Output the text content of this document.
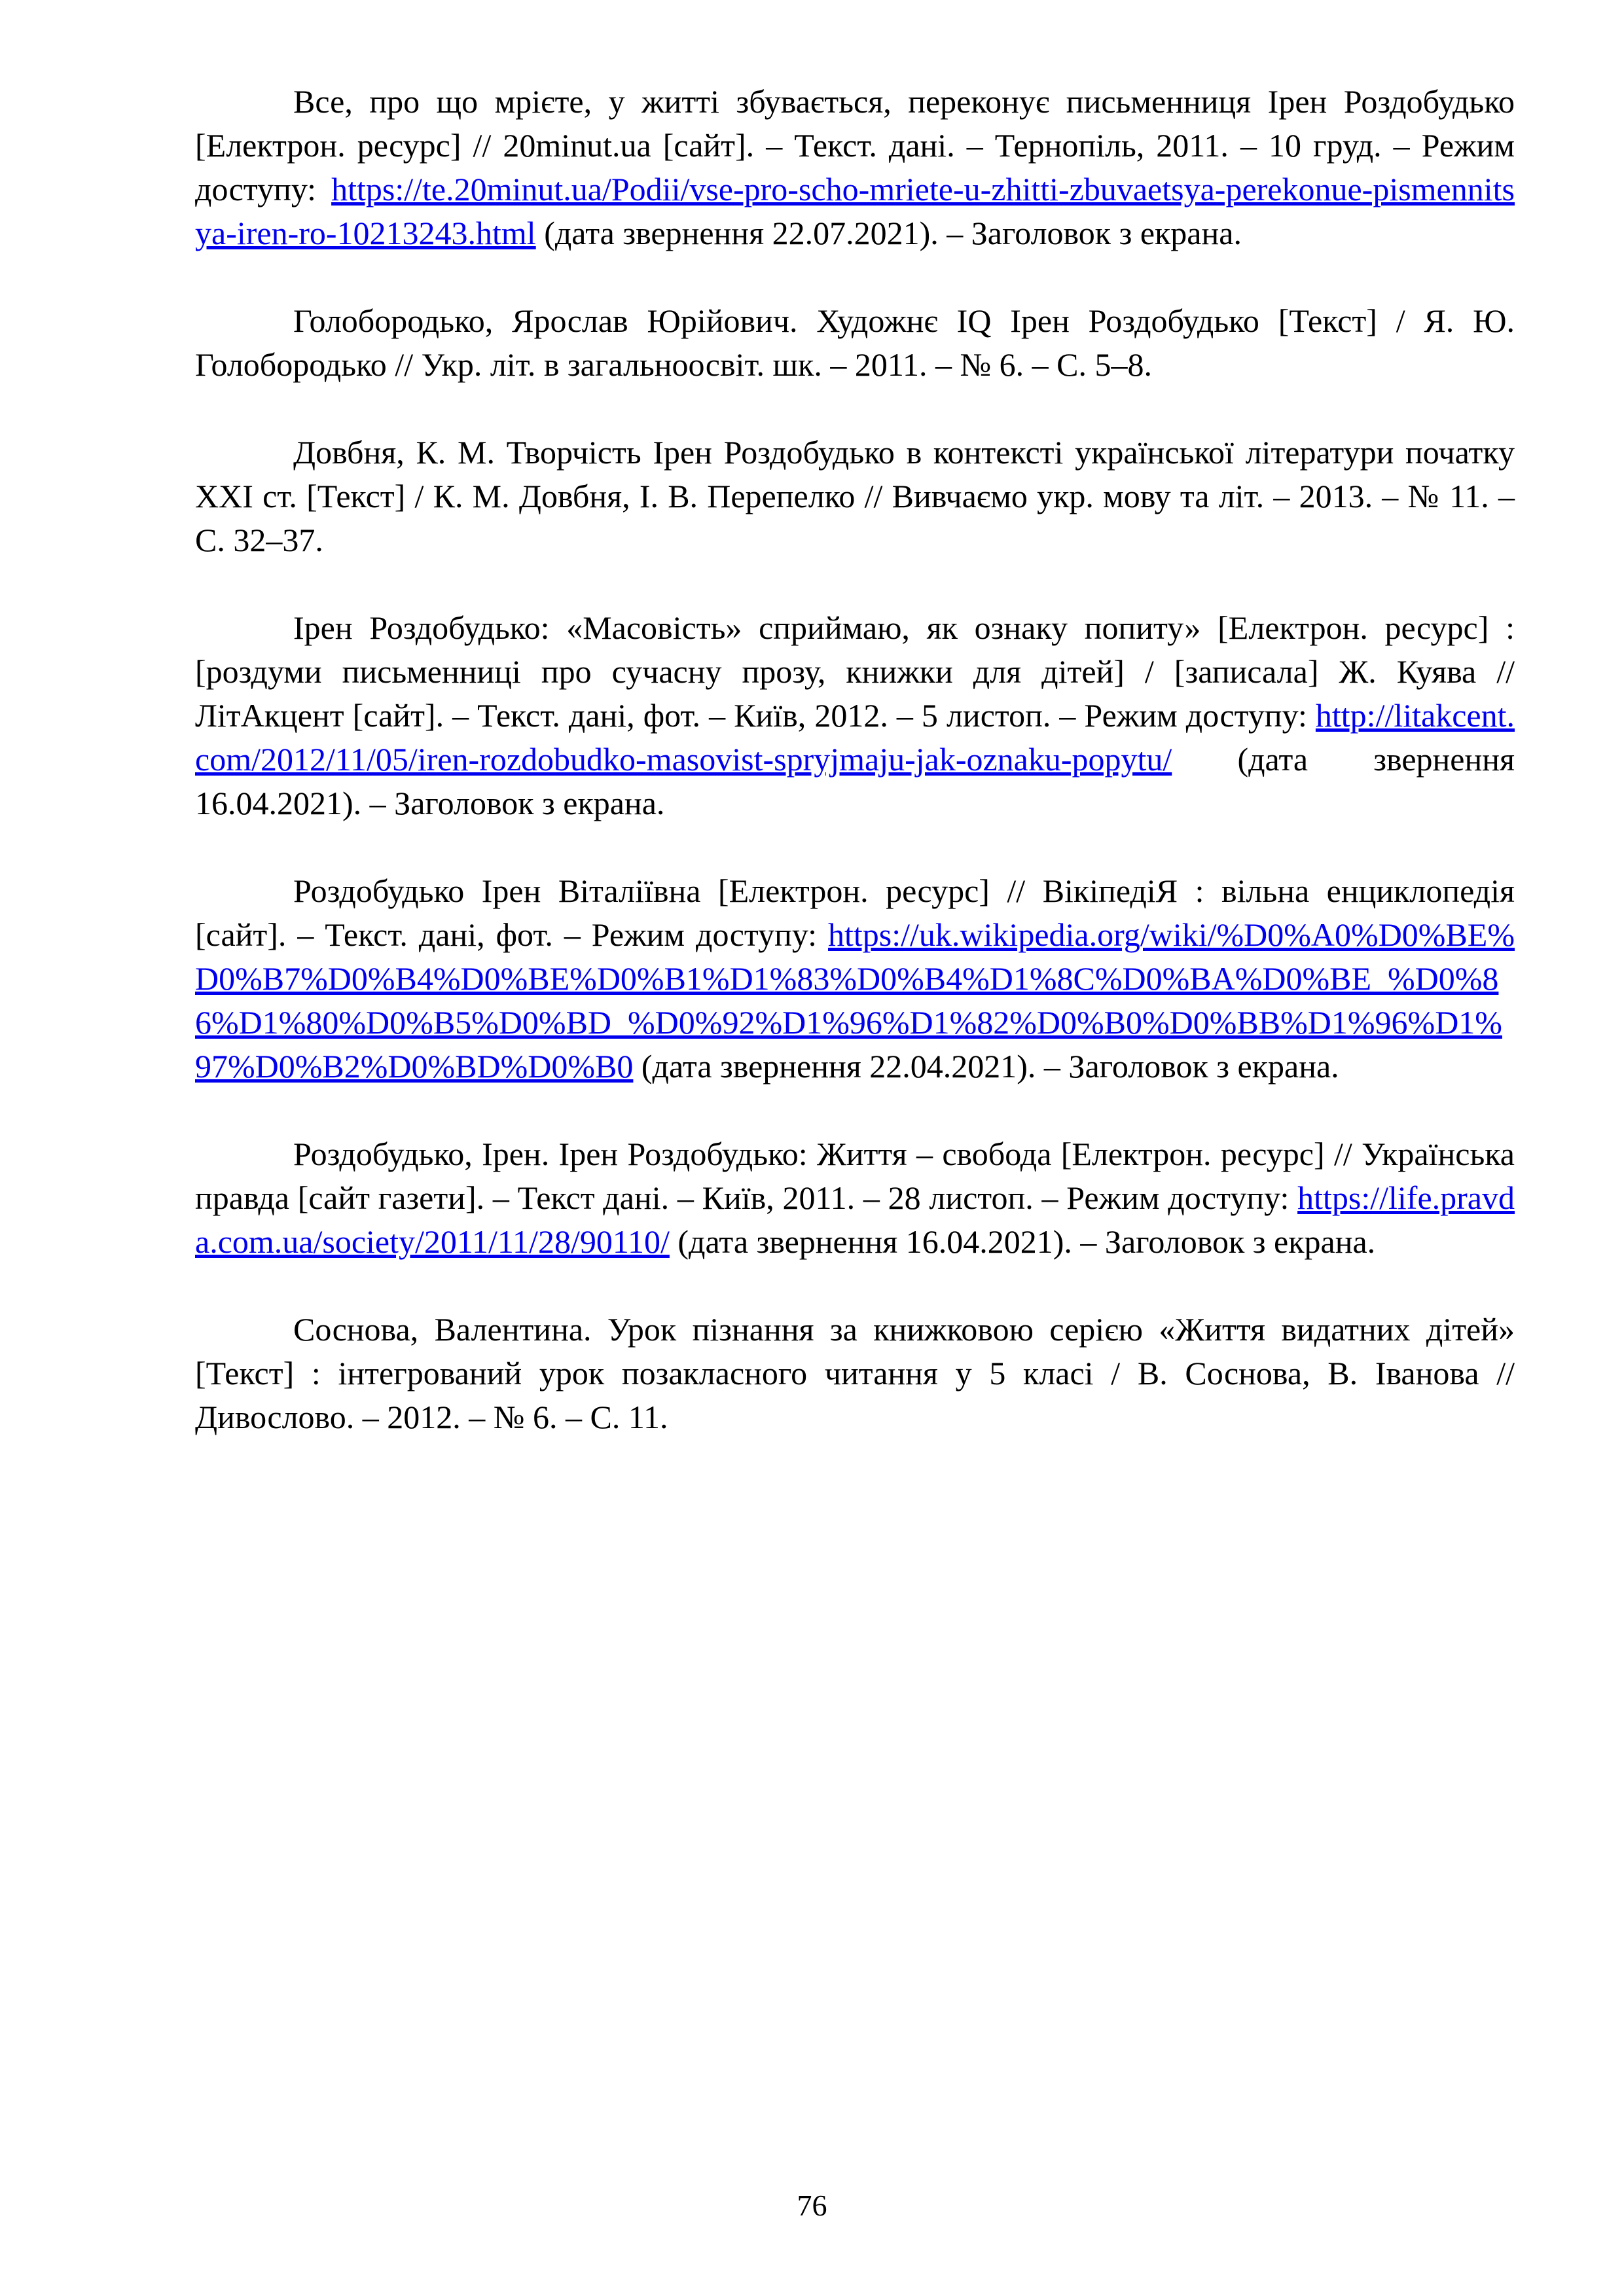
Все, про що мрієте, у житті збувається, переконує письменниця Ірен Роздобудько [Електрон. ресурс] // 20minut.ua [сайт]. – Текст. дані. – Тернопіль, 2011. – 10 груд. – Режим доступу: https://te.20minut.ua/Podii/vse-pro-scho-mriete-u-zhitti-zbuvaetsya-perekonue-pismennitsya-iren-ro-10213243.html (дата звернення 22.07.2021). – Заголовок з екрана.

Голобородько, Ярослав Юрійович. Художнє IQ Ірен Роздобудько [Текст] / Я. Ю. Голобородько // Укр. літ. в загальноосвіт. шк. – 2011. – № 6. – С. 5–8.

Довбня, К. М. Творчість Ірен Роздобудько в контексті української літератури початку XXI ст. [Текст] / К. М. Довбня, І. В. Перепелко // Вивчаємо укр. мову та літ. – 2013. – № 11. – С. 32–37.

Ірен Роздобудько: «Масовість» сприймаю, як ознаку попиту» [Електрон. ресурс] : [роздуми письменниці про сучасну прозу, книжки для дітей] / [записала] Ж. Куява // ЛітАкцент [сайт]. – Текст. дані, фот. – Київ, 2012. – 5 листоп. – Режим доступу: http://litakcent.com/2012/11/05/iren-rozdobudko-masovist-spryjmaju-jak-oznaku-popytu/ (дата звернення 16.04.2021). – Заголовок з екрана.

Роздобудько Ірен Віталіївна [Електрон. ресурс] // ВікіпедіЯ : вільна енциклопедія [сайт]. – Текст. дані, фот. – Режим доступу: https://uk.wikipedia.org/wiki/%D0%A0%D0%BE%D0%B7%D0%B4%D0%BE%D0%B1%D1%83%D0%B4%D1%8C%D0%BA%D0%BE_%D0%86%D1%80%D0%B5%D0%BD_%D0%92%D1%96%D1%82%D0%B0%D0%BB%D1%96%D1%97%D0%B2%D0%BD%D0%B0 (дата звернення 22.04.2021). – Заголовок з екрана.

Роздобудько, Ірен. Ірен Роздобудько: Життя – свобода [Електрон. ресурс] // Українська правда [сайт газети]. – Текст дані. – Київ, 2011. – 28 листоп. – Режим доступу: https://life.pravda.com.ua/society/2011/11/28/90110/ (дата звернення 16.04.2021). – Заголовок з екрана.

Соснова, Валентина. Урок пізнання за книжковою серією «Життя видатних дітей» [Текст] : інтегрований урок позакласного читання у 5 класі / В. Соснова, В. Іванова // Дивослово. – 2012. – № 6. – С. 11.

76
